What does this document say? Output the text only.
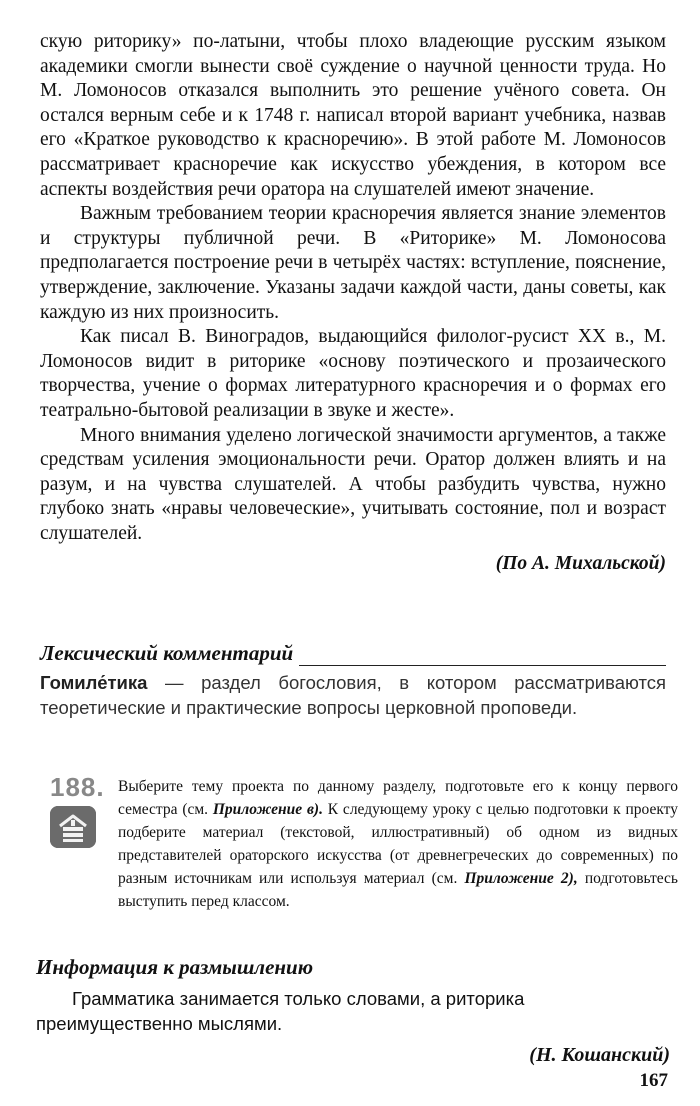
скую риторику» по-латыни, чтобы плохо владеющие русским языком академики смогли вынести своё суждение о научной ценности труда. Но М. Ломоносов отказался выполнить это решение учёного совета. Он остался верным себе и к 1748 г. написал второй вариант учебника, назвав его «Краткое руководство к красноречию». В этой работе М. Ломоносов рассматривает красноречие как искусство убеждения, в котором все аспекты воздействия речи оратора на слушателей имеют значение.

Важным требованием теории красноречия является знание элементов и структуры публичной речи. В «Риторике» М. Ломоносова предполагается построение речи в четырёх частях: вступление, пояснение, утверждение, заключение. Указаны задачи каждой части, даны советы, как каждую из них произносить.

Как писал В. Виноградов, выдающийся филолог-русист XX в., М. Ломоносов видит в риторике «основу поэтического и прозаического творчества, учение о формах литературного красноречия и о формах его театрально-бытовой реализации в звуке и жесте».

Много внимания уделено логической значимости аргументов, а также средствам усиления эмоциональности речи. Оратор должен влиять и на разум, и на чувства слушателей. А чтобы разбудить чувства, нужно глубоко знать «нравы человеческие», учитывать состояние, пол и возраст слушателей.

(По А. Михальской)

Лексический комментарий
Гомиле́тика — раздел богословия, в котором рассматриваются теоретические и практические вопросы церковной проповеди.
188. Выберите тему проекта по данному разделу, подготовьте его к концу первого семестра (см. Приложение в). К следующему уроку с целью подготовки к проекту подберите материал (текстовой, иллюстративный) об одном из видных представителей ораторского искусства (от древнегреческих до современных) по разным источникам или используя материал (см. Приложение 2), подготовьтесь выступить перед классом.

Информация к размышлению
Грамматика занимается только словами, а риторика преимущественно мыслями.
(Н. Кошанский)
167
